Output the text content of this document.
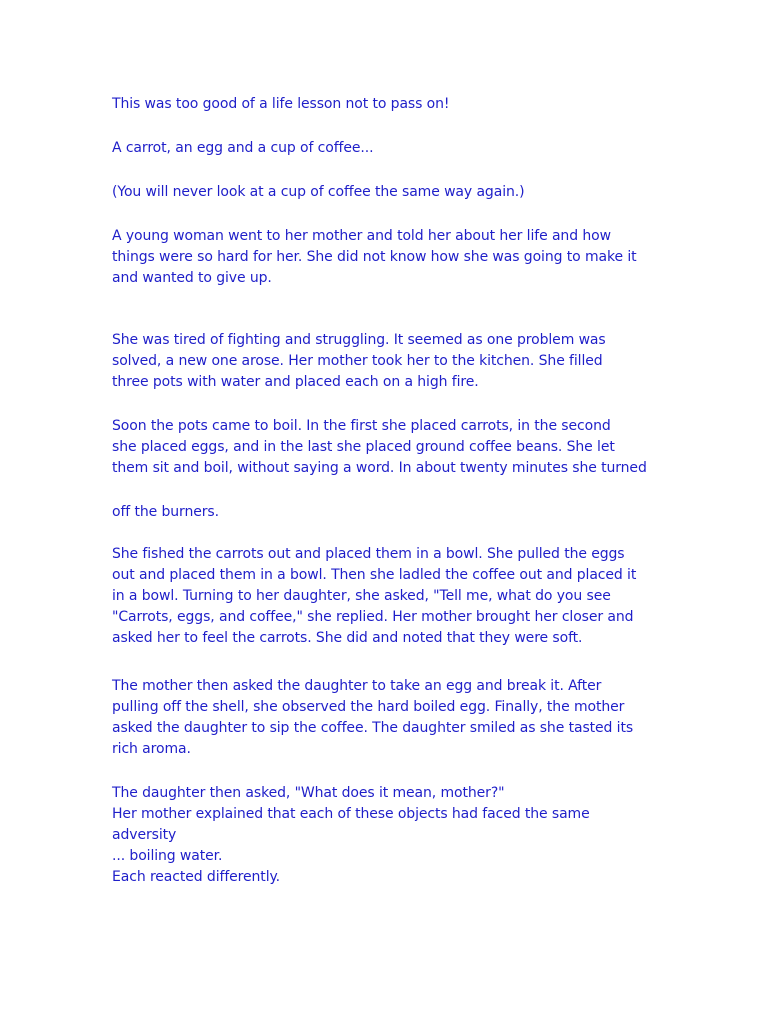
This was too good of a life lesson not to pass on!

A carrot, an egg and a cup of coffee...

(You will never look at a cup of coffee the same way again.)

A young woman went to her mother and told her about her life and how

things were so hard for her. She did not know how she was going to make it

and wanted to give up.

She was tired of fighting and struggling. It seemed as one problem was

solved, a new one arose. Her mother took her to the kitchen. She filled

three pots with water and placed each on a high fire.

Soon the pots came to boil. In the first she placed carrots, in the second

she placed eggs, and in the last she placed ground coffee beans. She let

them sit and boil, without saying a word. In about twenty minutes she turned

off the burners.

She fished the carrots out and placed them in a bowl. She pulled the eggs

out and placed them in a bowl. Then she ladled the coffee out and placed it

in a bowl. Turning to her daughter, she asked, "Tell me, what do you see

"Carrots, eggs, and coffee," she replied. Her mother brought her closer and

asked her to feel the carrots. She did and noted that they were soft.

The mother then asked the daughter to take an egg and break it. After

pulling off the shell, she observed the hard boiled egg. Finally, the mother

asked the daughter to sip the coffee. The daughter smiled as she tasted its

rich aroma.

The daughter then asked, "What does it mean, mother?"

Her mother explained that each of these objects had faced the same

adversity

... boiling water.

Each reacted differently.
